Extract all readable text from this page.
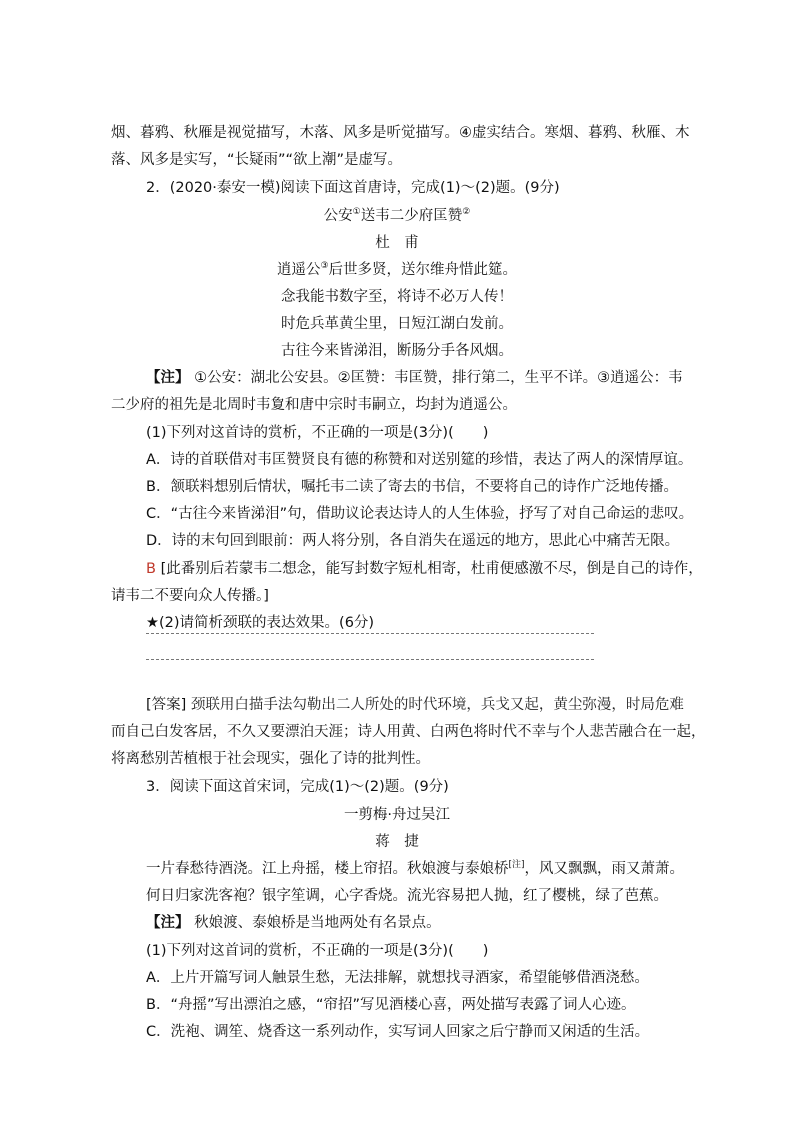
烟、暮鸦、秋雁是视觉描写，木落、风多是听觉描写。④虚实结合。寒烟、暮鸦、秋雁、木
落、风多是实写，“长疑雨”“欲上潮”是虚写。
2．(2020·泰安一模)阅读下面这首唐诗，完成(1)～(2)题。(9分)
公安①送韦二少府匡赞②
杜　甫
逍遥公③后世多贤，送尔维舟惜此筵。
念我能书数字至，将诗不必万人传！
时危兵革黄尘里，日短江湖白发前。
古往今来皆涕泪，断肠分手各风烟。
【注】 ①公安：湖北公安县。②匡赞：韦匡赞，排行第二，生平不详。③逍遥公：韦
二少府的祖先是北周时韦夐和唐中宗时韦嗣立，均封为逍遥公。
(1)下列对这首诗的赏析，不正确的一项是(3分)(　　)
A．诗的首联借对韦匡赞贤良有德的称赞和对送别筵的珍惜，表达了两人的深情厚谊。
B．颔联料想别后情状，嘱托韦二读了寄去的书信，不要将自己的诗作广泛地传播。
C．“古往今来皆涕泪”句，借助议论表达诗人的人生体验，抒写了对自己命运的悲叹。
D．诗的末句回到眼前：两人将分别，各自消失在遥远的地方，思此心中痛苦无限。
B [此番别后若蒙韦二想念，能写封数字短札相寄，杜甫便感激不尽，倒是自己的诗作，
请韦二不要向众人传播。]
★(2)请简析颈联的表达效果。(6分)
[答案] 颈联用白描手法勾勒出二人所处的时代环境，兵戈又起，黄尘弥漫，时局危难
而自己白发客居，不久又要漂泊天涯；诗人用黄、白两色将时代不幸与个人悲苦融合在一起，
将离愁别苦植根于社会现实，强化了诗的批判性。
3．阅读下面这首宋词，完成(1)～(2)题。(9分)
一剪梅·舟过吴江
蒋　捷
一片春愁待酒浇。江上舟摇，楼上帘招。秋娘渡与泰娘桥[注]，风又飘飘，雨又萧萧。
何日归家洗客袍？银字笙调，心字香烧。流光容易把人抛，红了樱桃，绿了芭蕉。
【注】 秋娘渡、泰娘桥是当地两处有名景点。
(1)下列对这首词的赏析，不正确的一项是(3分)(　　)
A．上片开篇写词人触景生愁，无法排解，就想找寻酒家，希望能够借酒浇愁。
B．“舟摇”写出漂泊之感，“帘招”写见酒楼心喜，两处描写表露了词人心迹。
C．洗袍、调笙、烧香这一系列动作，实写词人回家之后宁静而又闲适的生活。
